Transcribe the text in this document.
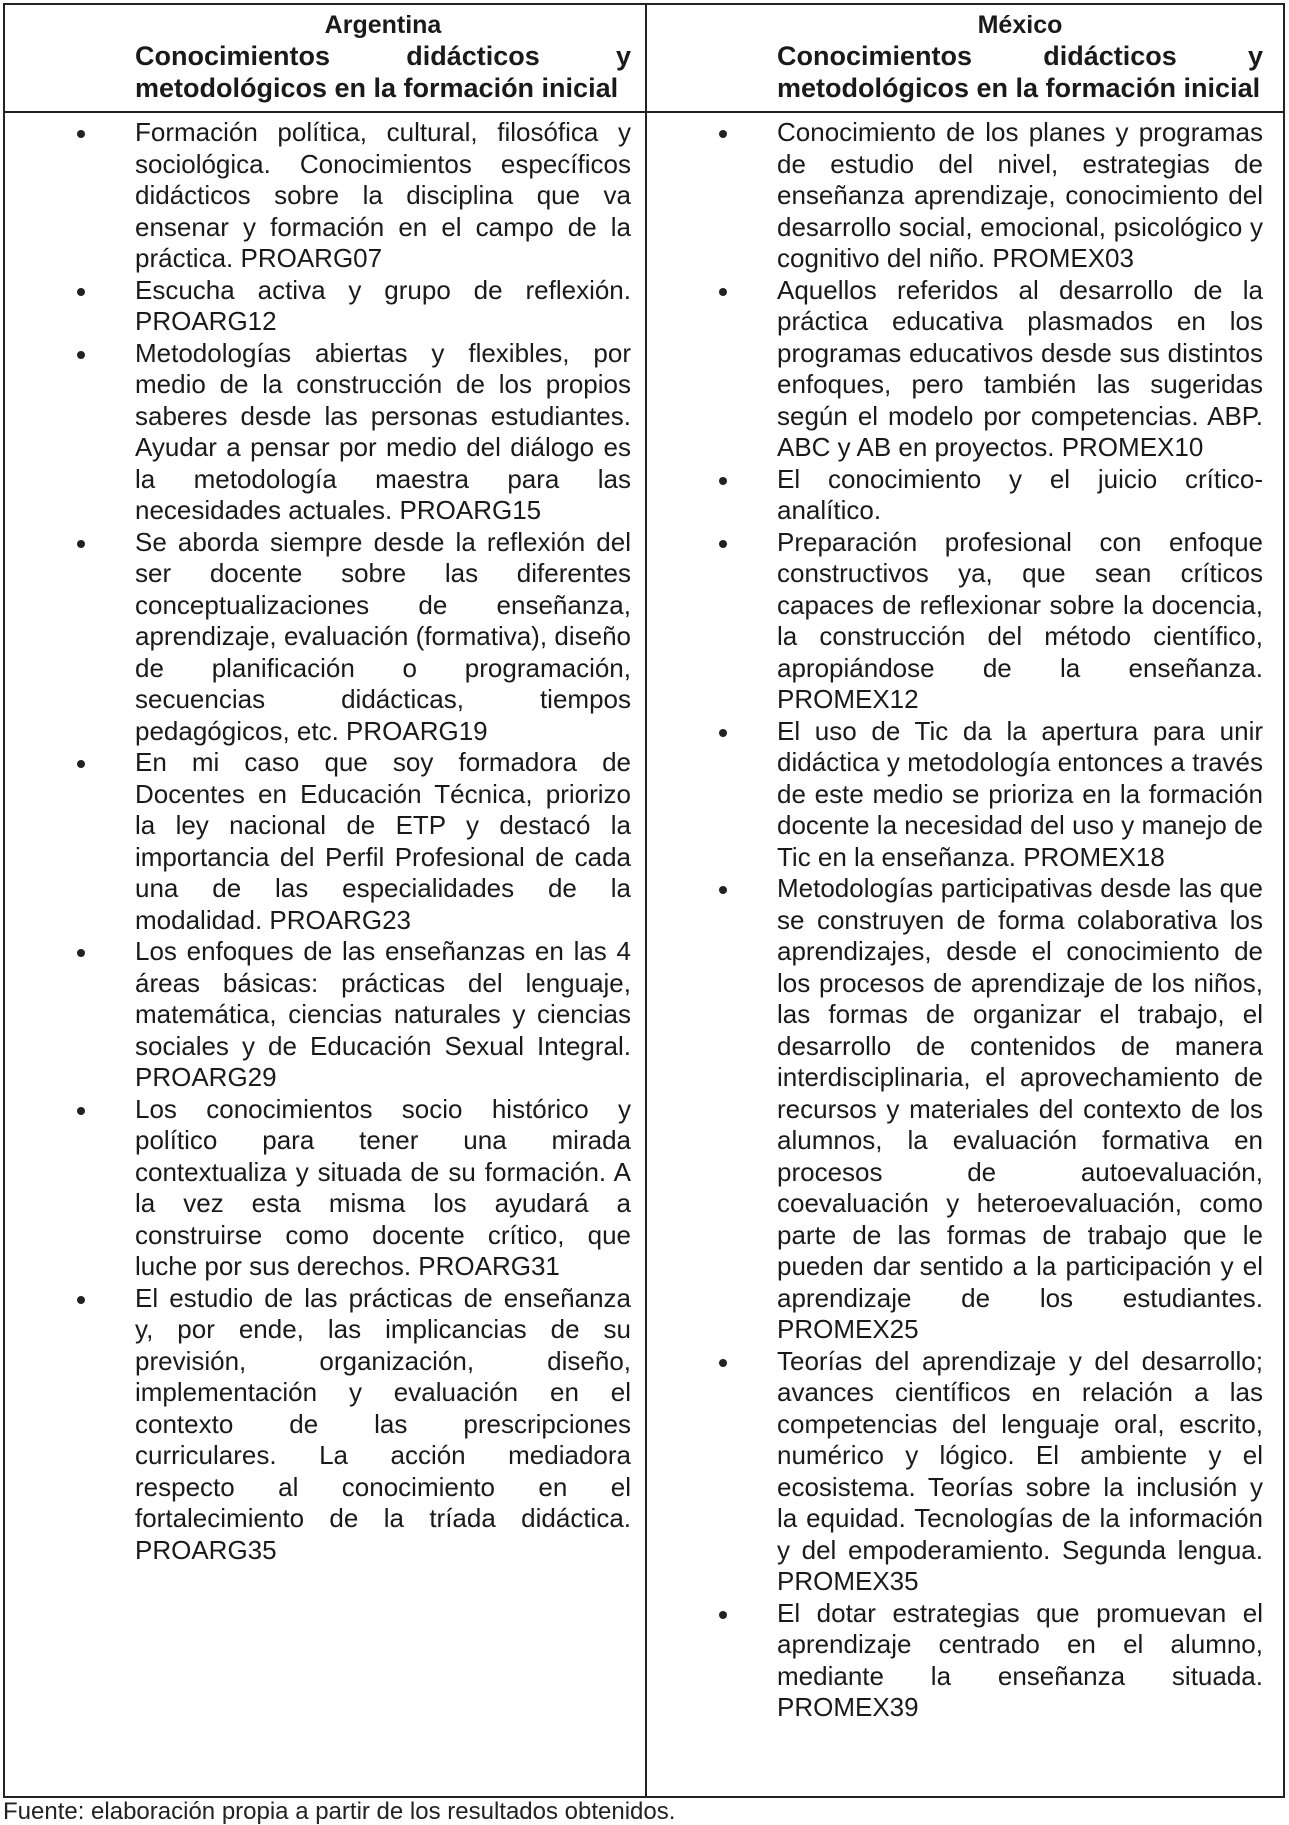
Argentina
Conocimientos didácticos y metodológicos en la formación inicial
México
Conocimientos didácticos y metodológicos en la formación inicial
Formación política, cultural, filosófica y sociológica. Conocimientos específicos didácticos sobre la disciplina que va ensenar y formación en el campo de la práctica. PROARG07
Escucha activa y grupo de reflexión. PROARG12
Metodologías abiertas y flexibles, por medio de la construcción de los propios saberes desde las personas estudiantes. Ayudar a pensar por medio del diálogo es la metodología maestra para las necesidades actuales. PROARG15
Se aborda siempre desde la reflexión del ser docente sobre las diferentes conceptualizaciones de enseñanza, aprendizaje, evaluación (formativa), diseño de planificación o programación, secuencias didácticas, tiempos pedagógicos, etc. PROARG19
En mi caso que soy formadora de Docentes en Educación Técnica, priorizo la ley nacional de ETP y destacó la importancia del Perfil Profesional de cada una de las especialidades de la modalidad. PROARG23
Los enfoques de las enseñanzas en las 4 áreas básicas: prácticas del lenguaje, matemática, ciencias naturales y ciencias sociales y de Educación Sexual Integral. PROARG29
Los conocimientos socio histórico y político para tener una mirada contextualiza y situada de su formación. A la vez esta misma los ayudará a construirse como docente crítico, que luche por sus derechos. PROARG31
El estudio de las prácticas de enseñanza y, por ende, las implicancias de su previsión, organización, diseño, implementación y evaluación en el contexto de las prescripciones curriculares. La acción mediadora respecto al conocimiento en el fortalecimiento de la tríada didáctica. PROARG35
Conocimiento de los planes y programas de estudio del nivel, estrategias de enseñanza aprendizaje, conocimiento del desarrollo social, emocional, psicológico y cognitivo del niño. PROMEX03
Aquellos referidos al desarrollo de la práctica educativa plasmados en los programas educativos desde sus distintos enfoques, pero también las sugeridas según el modelo por competencias. ABP. ABC y AB en proyectos. PROMEX10
El conocimiento y el juicio crítico-analítico.
Preparación profesional con enfoque constructivos ya, que sean críticos capaces de reflexionar sobre la docencia, la construcción del método científico, apropiándose de la enseñanza. PROMEX12
El uso de Tic da la apertura para unir didáctica y metodología entonces a través de este medio se prioriza en la formación docente la necesidad del uso y manejo de Tic en la enseñanza. PROMEX18
Metodologías participativas desde las que se construyen de forma colaborativa los aprendizajes, desde el conocimiento de los procesos de aprendizaje de los niños, las formas de organizar el trabajo, el desarrollo de contenidos de manera interdisciplinaria, el aprovechamiento de recursos y materiales del contexto de los alumnos, la evaluación formativa en procesos de autoevaluación, coevaluación y heteroevaluación, como parte de las formas de trabajo que le pueden dar sentido a la participación y el aprendizaje de los estudiantes. PROMEX25
Teorías del aprendizaje y del desarrollo; avances científicos en relación a las competencias del lenguaje oral, escrito, numérico y lógico. El ambiente y el ecosistema. Teorías sobre la inclusión y la equidad. Tecnologías de la información y del empoderamiento. Segunda lengua. PROMEX35
El dotar estrategias que promuevan el aprendizaje centrado en el alumno, mediante la enseñanza situada. PROMEX39
Fuente: elaboración propia a partir de los resultados obtenidos.
